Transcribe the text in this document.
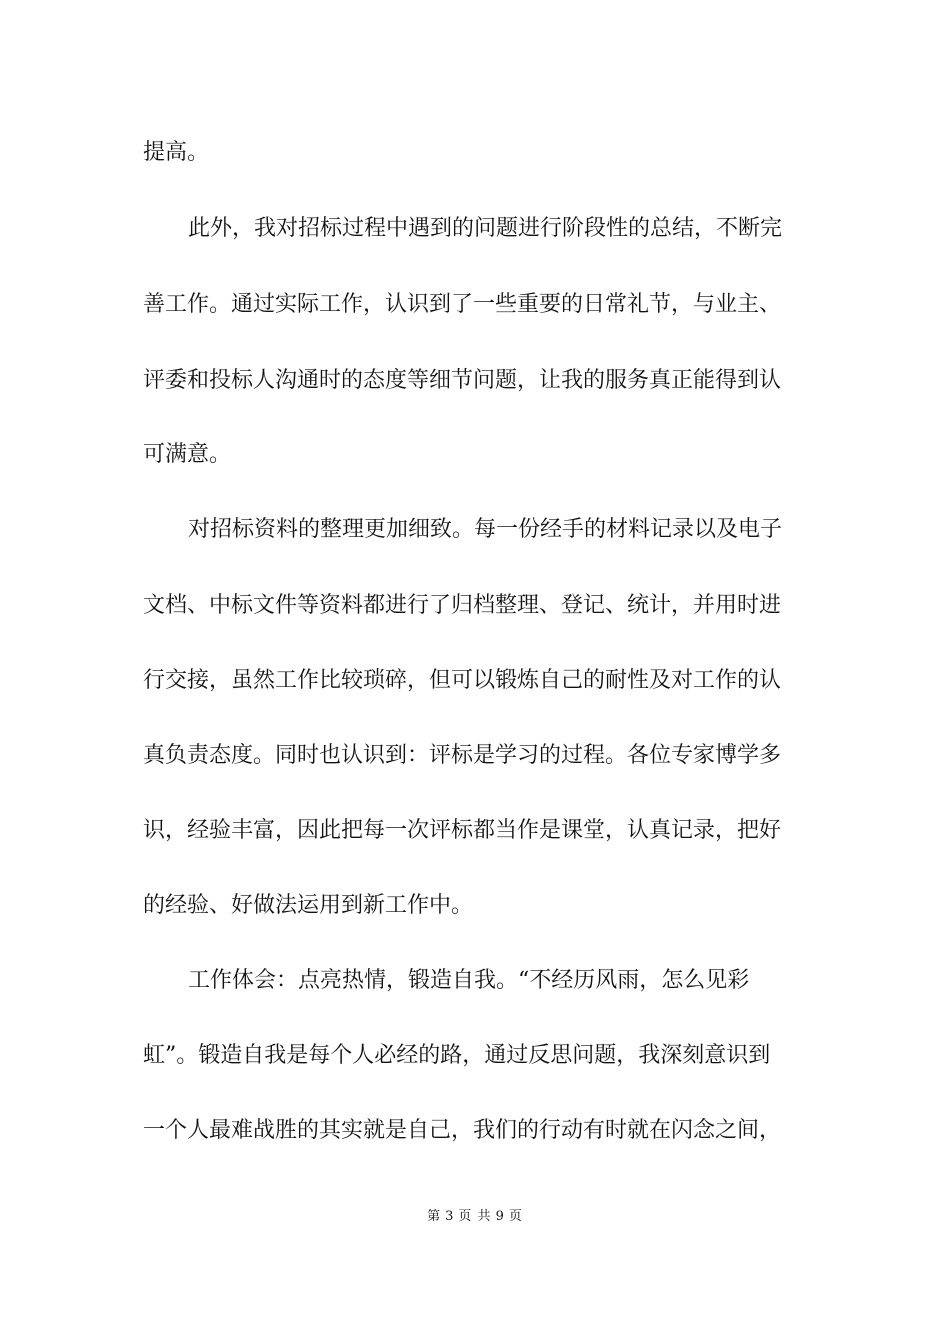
提高。
此外，我对招标过程中遇到的问题进行阶段性的总结，不断完
善工作。通过实际工作，认识到了一些重要的日常礼节，与业主、
评委和投标人沟通时的态度等细节问题，让我的服务真正能得到认
可满意。
对招标资料的整理更加细致。每一份经手的材料记录以及电子
文档、中标文件等资料都进行了归档整理、登记、统计，并用时进
行交接，虽然工作比较琐碎，但可以锻炼自己的耐性及对工作的认
真负责态度。同时也认识到：评标是学习的过程。各位专家博学多
识，经验丰富，因此把每一次评标都当作是课堂，认真记录，把好
的经验、好做法运用到新工作中。
工作体会：点亮热情，锻造自我。“不经历风雨，怎么见彩
虹”。锻造自我是每个人必经的路，通过反思问题，我深刻意识到
一个人最难战胜的其实就是自己，我们的行动有时就在闪念之间，
第 3 页 共 9 页
